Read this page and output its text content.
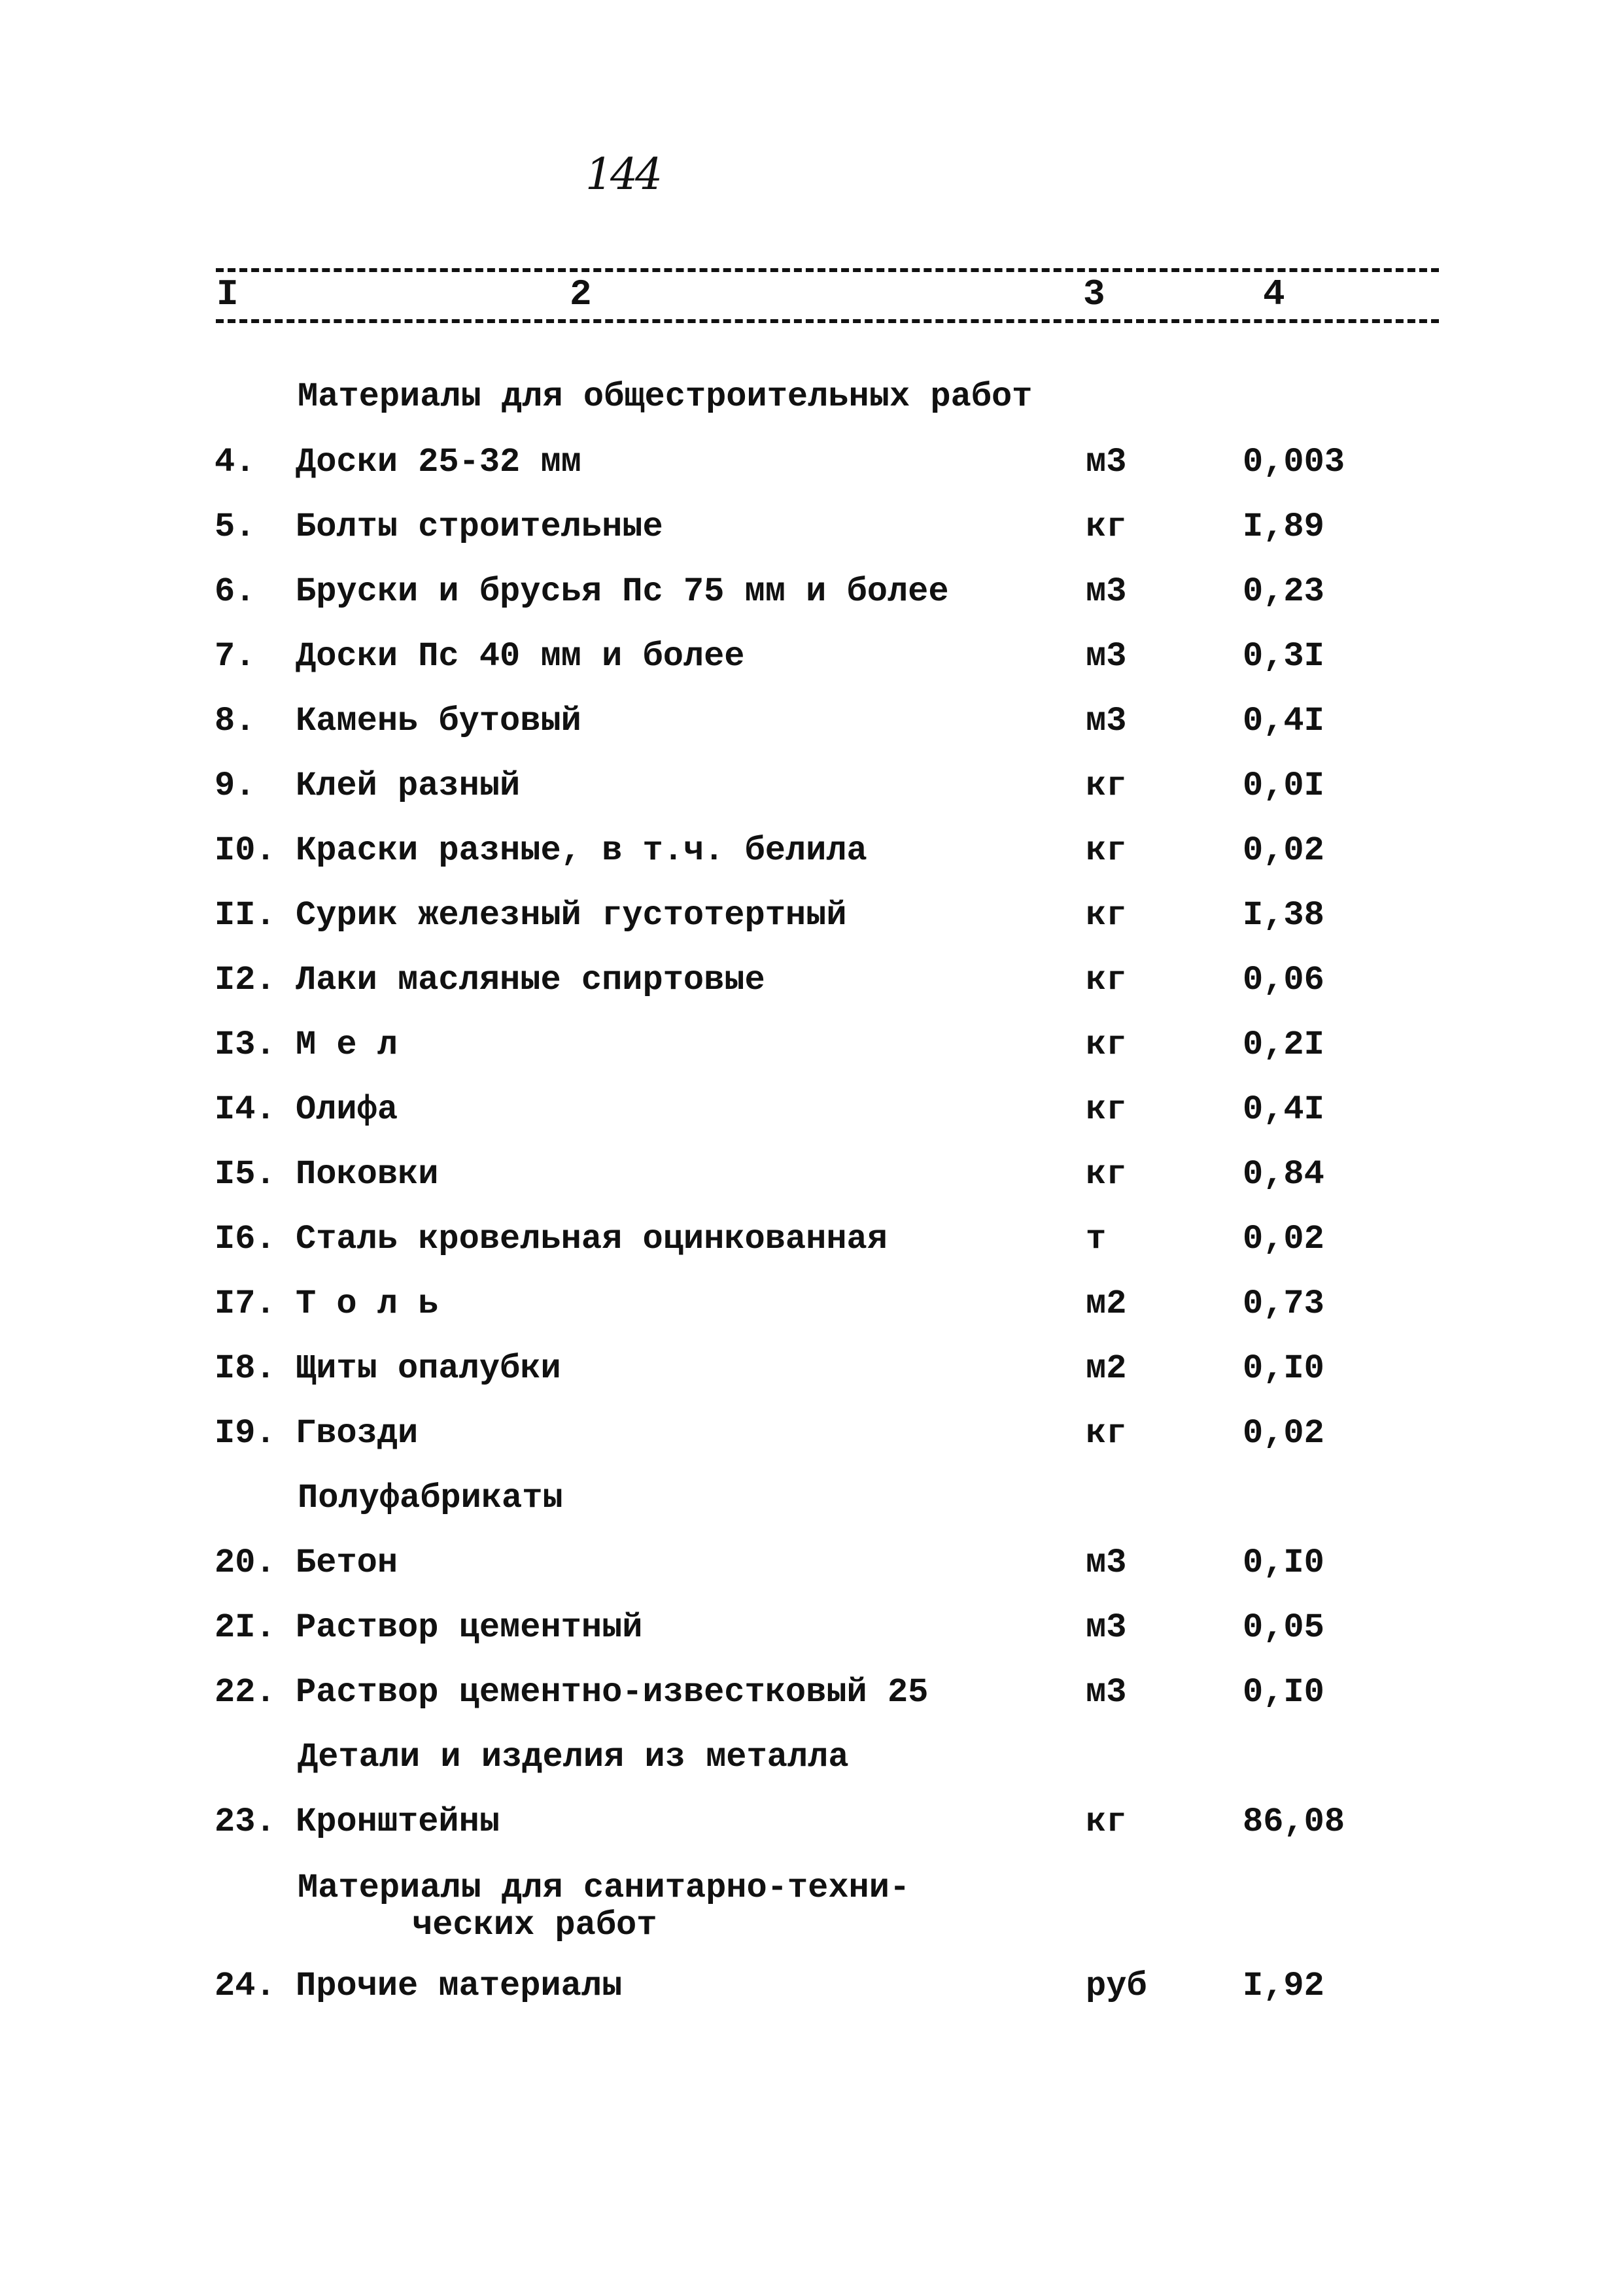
144
I	2	3	4
Материалы для общестроительных работ
4. Доски 25-32 мм	м3	0,003
5. Болты строительные	кг	I,89
6. Бруски и брусья Пс 75 мм и более	м3	0,23
7. Доски Пс 40 мм и более	м3	0,3I
8. Камень бутовый	м3	0,4I
9. Клей разный	кг	0,0I
I0. Краски разные, в т.ч. белила	кг	0,02
II. Сурик железный густотертный	кг	I,38
I2. Лаки масляные спиртовые	кг	0,06
I3. М е л	кг	0,2I
I4. Олифа	кг	0,4I
I5. Поковки	кг	0,84
I6. Сталь кровельная оцинкованная	т	0,02
I7. Т о л ь	м2	0,73
I8. Щиты опалубки	м2	0,I0
I9. Гвозди	кг	0,02
Полуфабрикаты
20. Бетон	м3	0,I0
2I. Раствор цементный	м3	0,05
22. Раствор цементно-известковый 25	м3	0,I0
Детали и изделия из металла
23. Кронштейны	кг	86,08
Материалы для санитарно-техни-
ческих работ
24. Прочие материалы	руб	I,92
